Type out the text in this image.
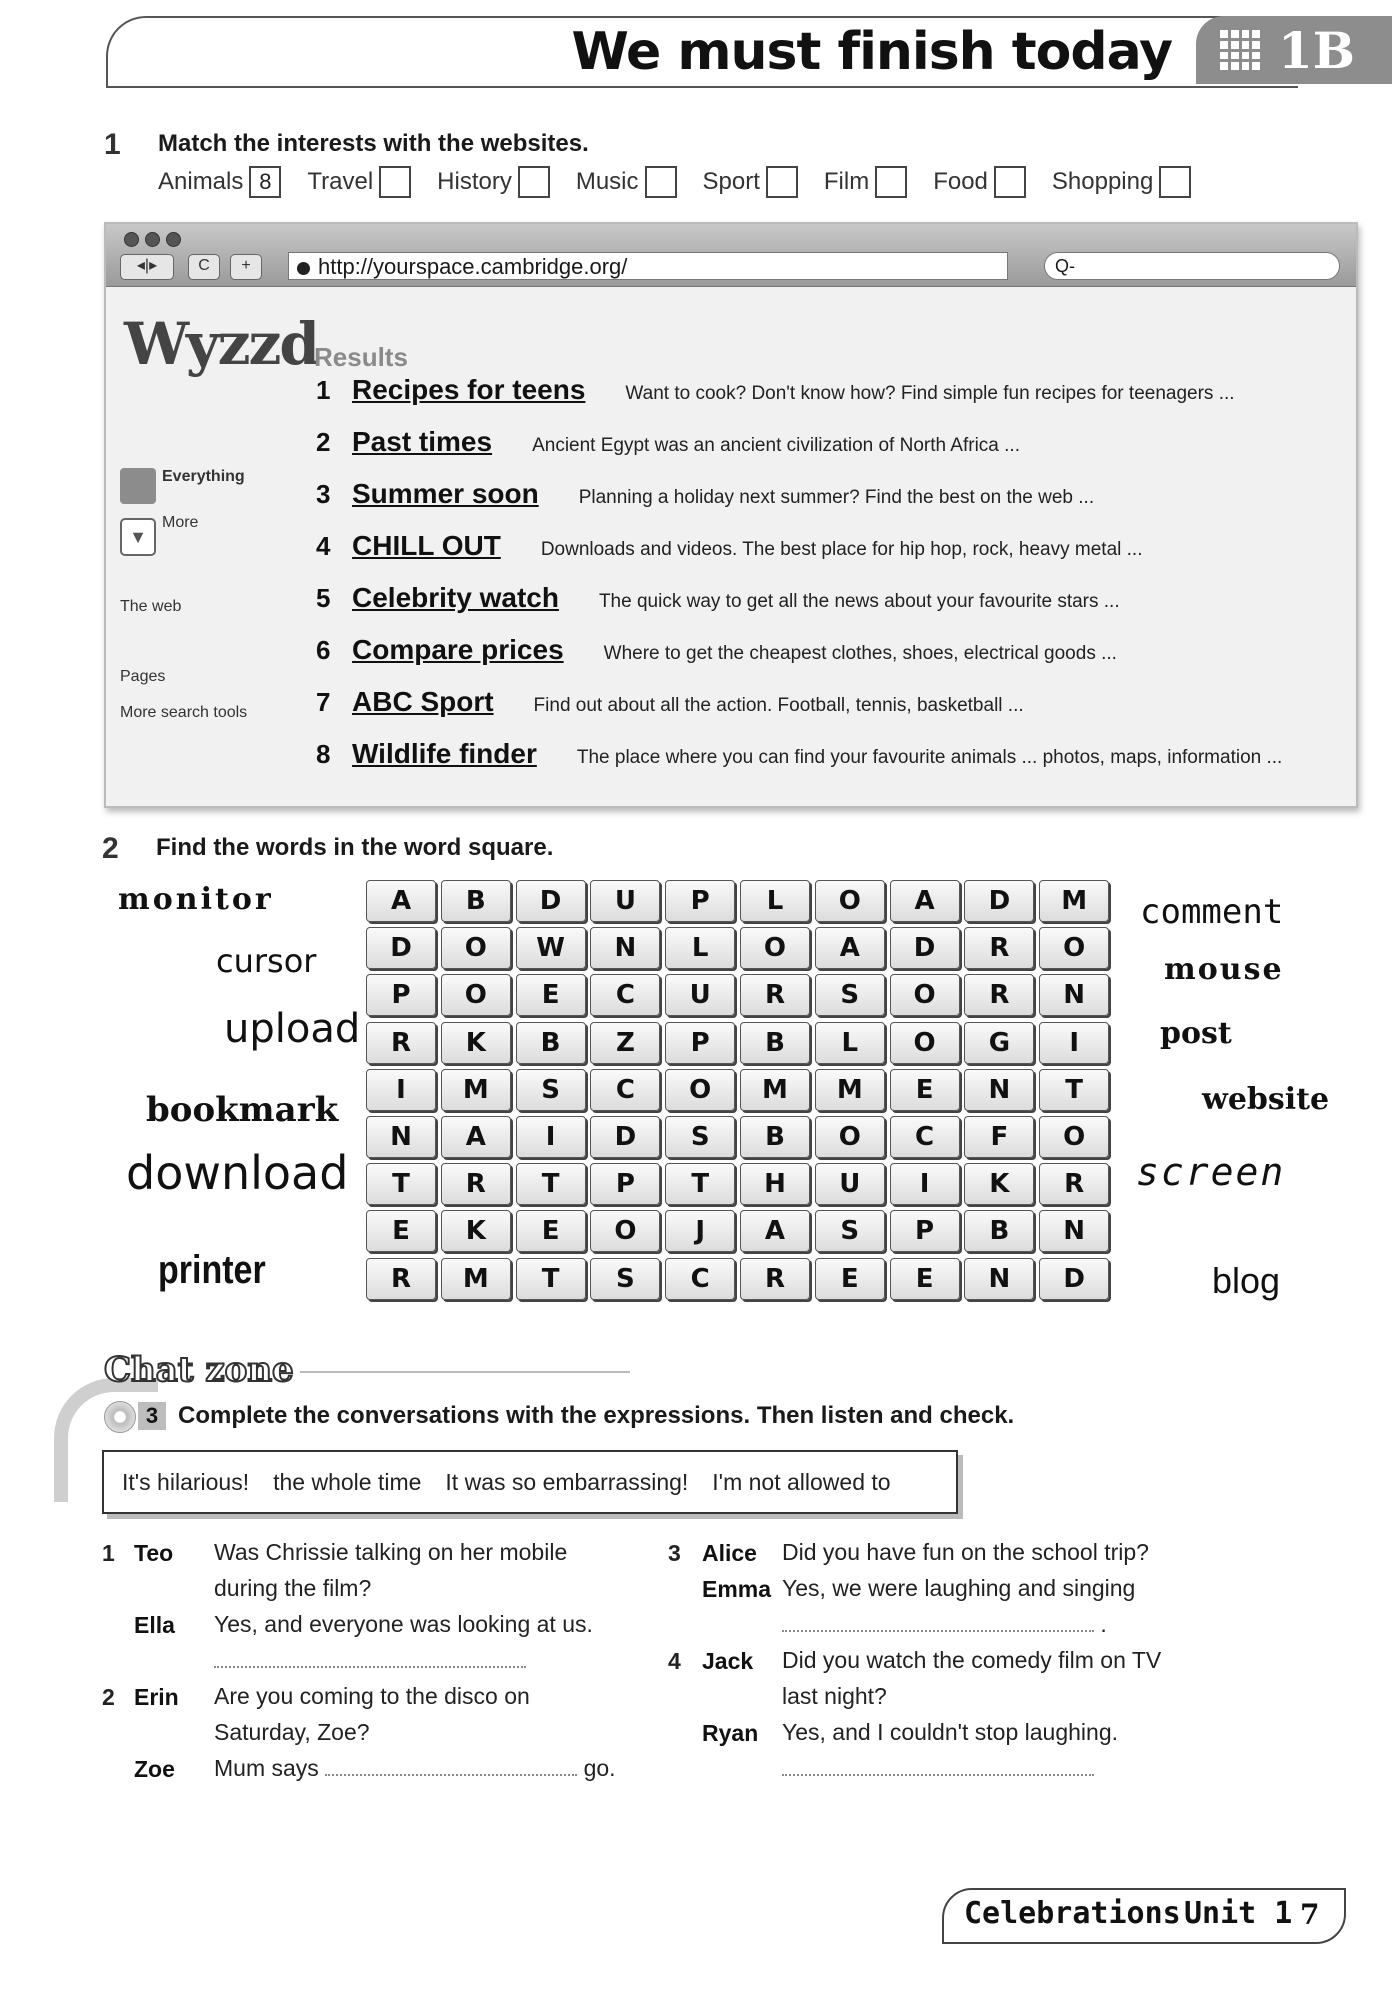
We must finish today 1B
1 Match the interests with the websites.
Animals 8	Travel	History	Music	Sport	Film	Food	Shopping
◂|▸	C	+	http://yourspace.cambridge.org/	Q-
Wyzzd
Results
Everything
▼
More
The web
Pages
More search tools
1 Recipes for teens Want to cook? Don't know how? Find simple fun recipes for teenagers ...
2 Past times Ancient Egypt was an ancient civilization of North Africa ...
3 Summer soon Planning a holiday next summer? Find the best on the web ...
4 CHILL OUT Downloads and videos. The best place for hip hop, rock, heavy metal ...
5 Celebrity watch The quick way to get all the news about your favourite stars ...
6 Compare prices Where to get the cheapest clothes, shoes, electrical goods ...
7 ABC Sport Find out about all the action. Football, tennis, basketball ...
8 Wildlife finder The place where you can find your favourite animals ... photos, maps, information ...
2 Find the words in the word square.
A	B	D	U	P	L	O	A	D	M
D	O	W	N	L	O	A	D	R	O
P	O	E	C	U	R	S	O	R	N
R	K	B	Z	P	B	L	O	G	I
I	M	S	C	O	M	M	E	N	T
N	A	I	D	S	B	O	C	F	O
T	R	T	P	T	H	U	I	K	R
E	K	E	O	J	A	S	P	B	N
R	M	T	S	C	R	E	E	N	D
monitor
cursor
upload
bookmark
download
printer
comment
mouse
post
website
screen
blog
Chat zone
3 Complete the conversations with the expressions. Then listen and check.
It's hilarious! the whole time It was so embarrassing! I'm not allowed to
1 Teo Was Chrissie talking on her mobile
during the film?
Ella Yes, and everyone was looking at us.
2 Erin Are you coming to the disco on
Saturday, Zoe?
Zoe Mum says	go.
3 Alice Did you have fun on the school trip?
Emma Yes, we were laughing and singing
.
4 Jack Did you watch the comedy film on TV
last night?
Ryan Yes, and I couldn't stop laughing.
Celebrations Unit 1 7
